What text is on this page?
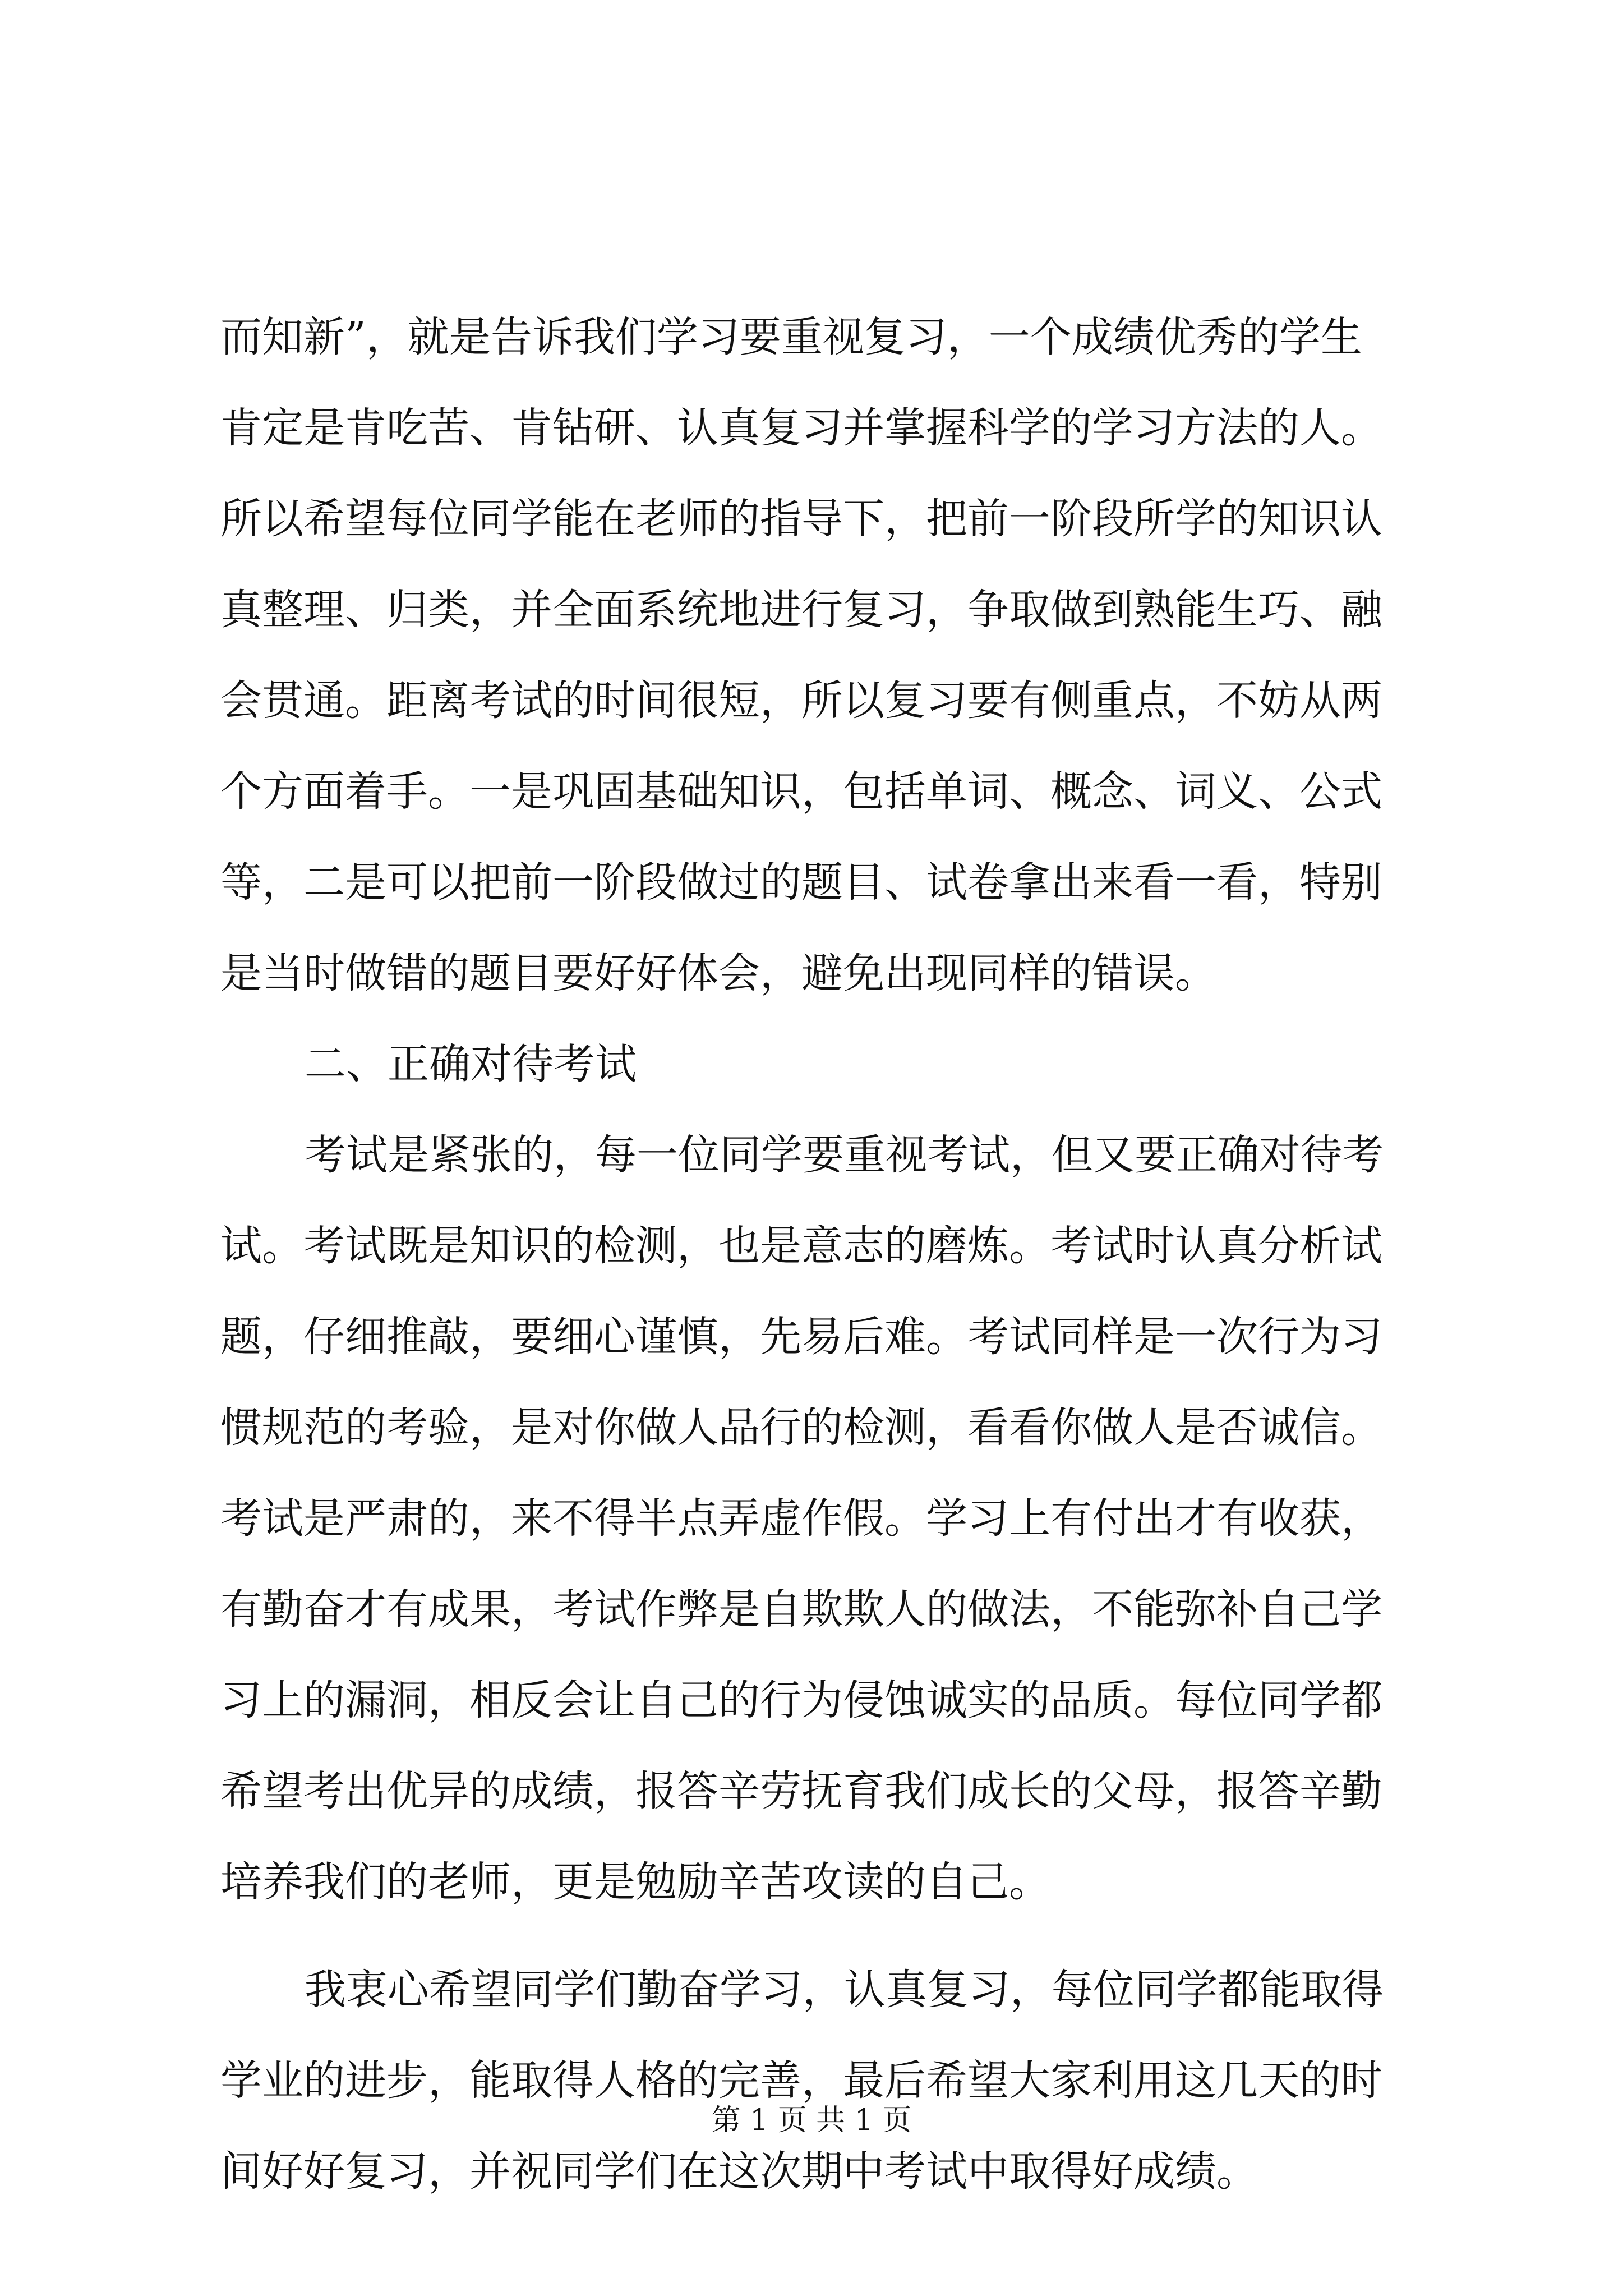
而知新”，就是告诉我们学习要重视复习，一个成绩优秀的学生
肯定是肯吃苦、肯钻研、认真复习并掌握科学的学习方法的人。
所以希望每位同学能在老师的指导下，把前一阶段所学的知识认
真整理、归类，并全面系统地进行复习，争取做到熟能生巧、融
会贯通。距离考试的时间很短，所以复习要有侧重点，不妨从两
个方面着手。一是巩固基础知识，包括单词、概念、词义、公式
等，二是可以把前一阶段做过的题目、试卷拿出来看一看，特别
是当时做错的题目要好好体会，避免出现同样的错误。
二、正确对待考试
考试是紧张的，每一位同学要重视考试，但又要正确对待考
试。考试既是知识的检测，也是意志的磨炼。考试时认真分析试
题，仔细推敲，要细心谨慎，先易后难。考试同样是一次行为习
惯规范的考验，是对你做人品行的检测，看看你做人是否诚信。
考试是严肃的，来不得半点弄虚作假。学习上有付出才有收获，
有勤奋才有成果，考试作弊是自欺欺人的做法，不能弥补自己学
习上的漏洞，相反会让自己的行为侵蚀诚实的品质。每位同学都
希望考出优异的成绩，报答辛劳抚育我们成长的父母，报答辛勤
培养我们的老师，更是勉励辛苦攻读的自己。
我衷心希望同学们勤奋学习，认真复习，每位同学都能取得
学业的进步，能取得人格的完善，最后希望大家利用这几天的时
间好好复习，并祝同学们在这次期中考试中取得好成绩。
第 1 页 共 1 页
